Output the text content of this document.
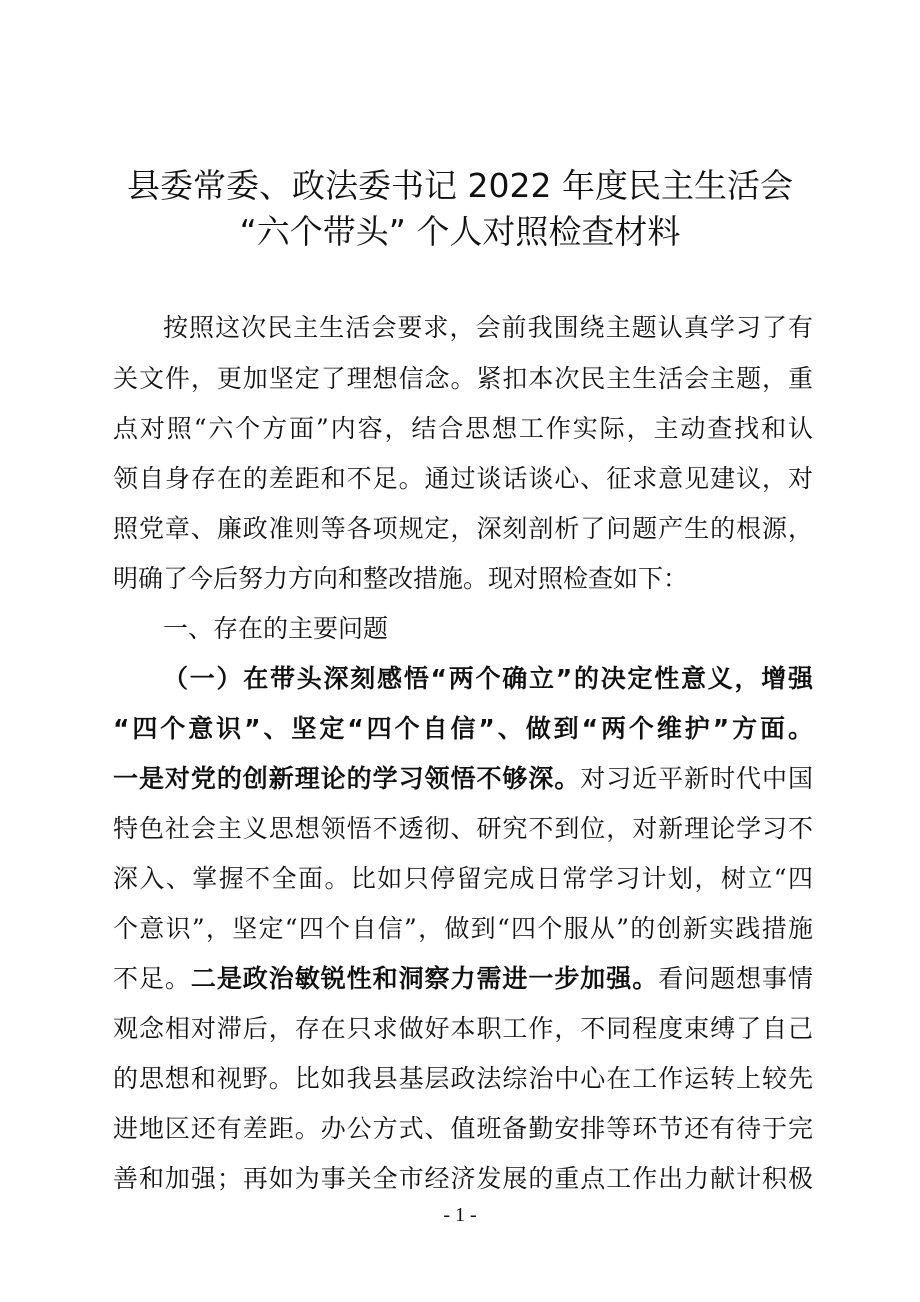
县委常委、政法委书记 2022 年度民主生活会
“六个带头” 个人对照检查材料
按照这次民主生活会要求，会前我围绕主题认真学习了有
关文件，更加坚定了理想信念。紧扣本次民主生活会主题，重
点对照“六个方面”内容，结合思想工作实际，主动查找和认
领自身存在的差距和不足。通过谈话谈心、征求意见建议，对
照党章、廉政准则等各项规定，深刻剖析了问题产生的根源，
明确了今后努力方向和整改措施。现对照检查如下：
一、存在的主要问题
（一）在带头深刻感悟“两个确立”的决定性意义，增强
“四个意识”、坚定“四个自信”、做到“两个维护”方面。
一是对党的创新理论的学习领悟不够深。对习近平新时代中国
特色社会主义思想领悟不透彻、研究不到位，对新理论学习不
深入、掌握不全面。比如只停留完成日常学习计划，树立“四
个意识”，坚定“四个自信”，做到“四个服从”的创新实践措施
不足。二是政治敏锐性和洞察力需进一步加强。看问题想事情
观念相对滞后，存在只求做好本职工作，不同程度束缚了自己
的思想和视野。比如我县基层政法综治中心在工作运转上较先
进地区还有差距。办公方式、值班备勤安排等环节还有待于完
善和加强；再如为事关全市经济发展的重点工作出力献计积极
- 1 -
